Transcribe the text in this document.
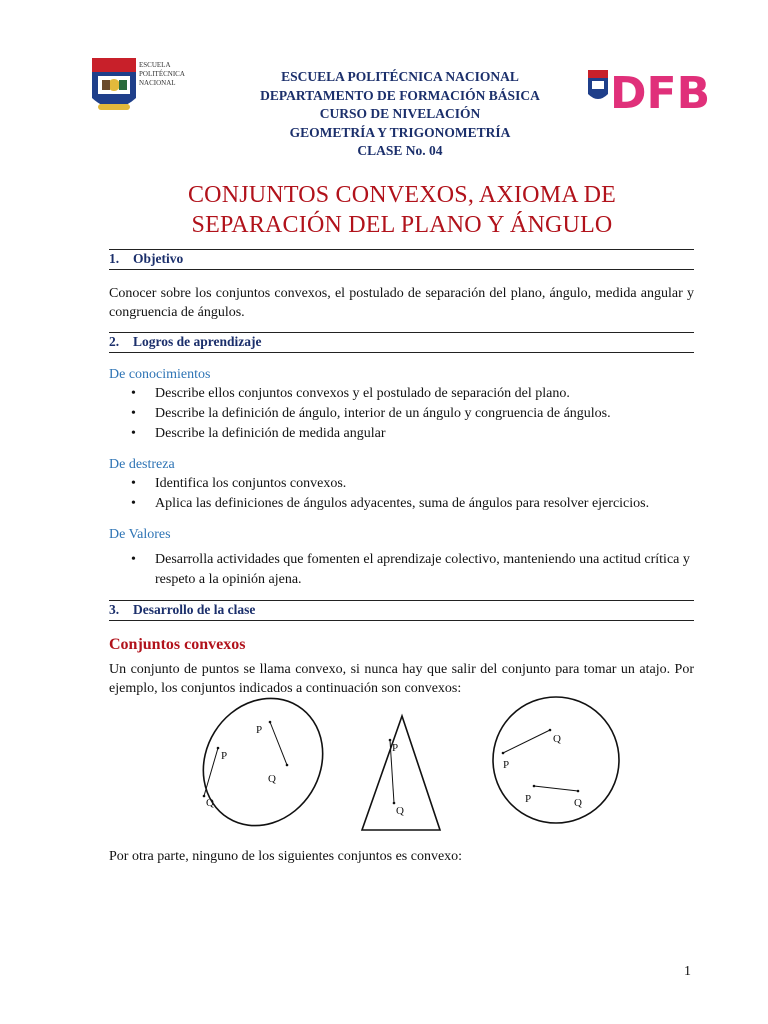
ESCUELA
POLITÉCNICA
NACIONAL	DFB
ESCUELA POLITÉCNICA NACIONAL
DEPARTAMENTO DE FORMACIÓN BÁSICA
CURSO DE NIVELACIÓN
GEOMETRÍA Y TRIGONOMETRÍA
CLASE No. 04
CONJUNTOS CONVEXOS, AXIOMA DE
SEPARACIÓN DEL PLANO Y ÁNGULO
1. Objetivo
Conocer sobre los conjuntos convexos, el postulado de separación del plano, ángulo, medida angular y congruencia de ángulos.
2. Logros de aprendizaje
De conocimientos
• Describe ellos conjuntos convexos y el postulado de separación del plano.
• Describe la definición de ángulo, interior de un ángulo y congruencia de ángulos.
• Describe la definición de medida angular
De destreza
• Identifica los conjuntos convexos.
• Aplica las definiciones de ángulos adyacentes, suma de ángulos para resolver ejercicios.
De Valores
• Desarrolla actividades que fomenten el aprendizaje colectivo, manteniendo una actitud crítica y respeto a la opinión ajena.
3. Desarrollo de la clase
Conjuntos convexos
Un conjunto de puntos se llama convexo, si nunca hay que salir del conjunto para tomar un atajo. Por ejemplo, los conjuntos indicados a continuación son convexos:
P
Q
P
Q
P
Q
P
Q
P	Q
Por otra parte, ninguno de los siguientes conjuntos es convexo:
1
